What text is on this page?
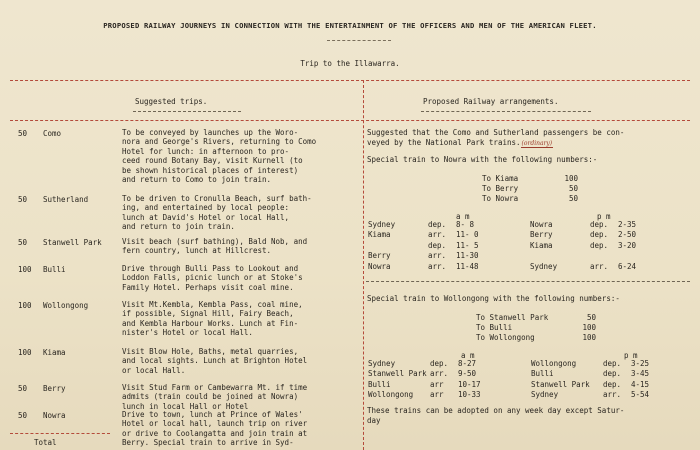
PROPOSED RAILWAY JOURNEYS IN CONNECTION WITH THE ENTERTAINMENT OF THE OFFICERS AND MEN OF THE AMERICAN FLEET.
Trip to the Illawarra.
Suggested trips.	Proposed Railway arrangements.
50	Como	To be conveyed by launches up the Woro-
nora and George's Rivers, returning to Como
Hotel for lunch: in afternoon to pro-
ceed round Botany Bay, visit Kurnell (to
be shown historical places of interest)
and return to Como to join train.
50	Sutherland	To be driven to Cronulla Beach, surf bath-
ing, and entertained by local people:
lunch at David's Hotel or local Hall,
and return to join train.
50	Stanwell Park	Visit beach (surf bathing), Bald Nob, and
fern country, lunch at Hillcrest.
100	Bulli	Drive through Bulli Pass to Lookout and
Loddon Falls, picnic lunch or at Stoke's
Family Hotel. Perhaps visit coal mine.
100	Wollongong	Visit Mt.Kembla, Kembla Pass, coal mine,
if possible, Signal Hill, Fairy Beach,
and Kembla Harbour Works. Lunch at Fin-
nister's Hotel or local Hall.
100	Kiama	Visit Blow Hole, Baths, metal quarries,
and local sights. Lunch at Brighton Hotel
or local Hall.
50	Berry	Visit Stud Farm or Cambewarra Mt. if time
admits (train could be joined at Nowra)
lunch in local Hall or Hotel
50	Nowra	Drive to town, lunch at Prince of Wales'
Hotel or local hall, launch trip on river
or drive to Coolangatta and join train at
Berry. Special train to arrive in Syd-
Total
Suggested that the Como and Sutherland passengers be con-
veyed by the National Park trains.(ordinary)
Special train to Nowra with the following numbers:-
To Kiama	100
To Berry	50
To Nowra	50
a m	p m
Sydney	dep. 8- 8
Kiama	arr. 11- 0
dep. 11- 5
Berry	arr. 11-30
Nowra	arr. 11-48
Nowra	dep. 2-35
Berry	dep. 2-50
Kiama	dep. 3-20
Sydney	arr. 6-24
Special train to Wollongong with the following numbers:-
To Stanwell Park	50
To Bulli	100
To Wollongong	100
a m	p m
Sydney	dep. 8-27
Stanwell Park arr. 9-50
Bulli	arr 10-17
Wollongong arr 10-33
Wollongong	dep. 3-25
Bulli	dep. 3-45
Stanwell Park dep. 4-15
Sydney	arr. 5-54
These trains can be adopted on any week day except Satur-
day
